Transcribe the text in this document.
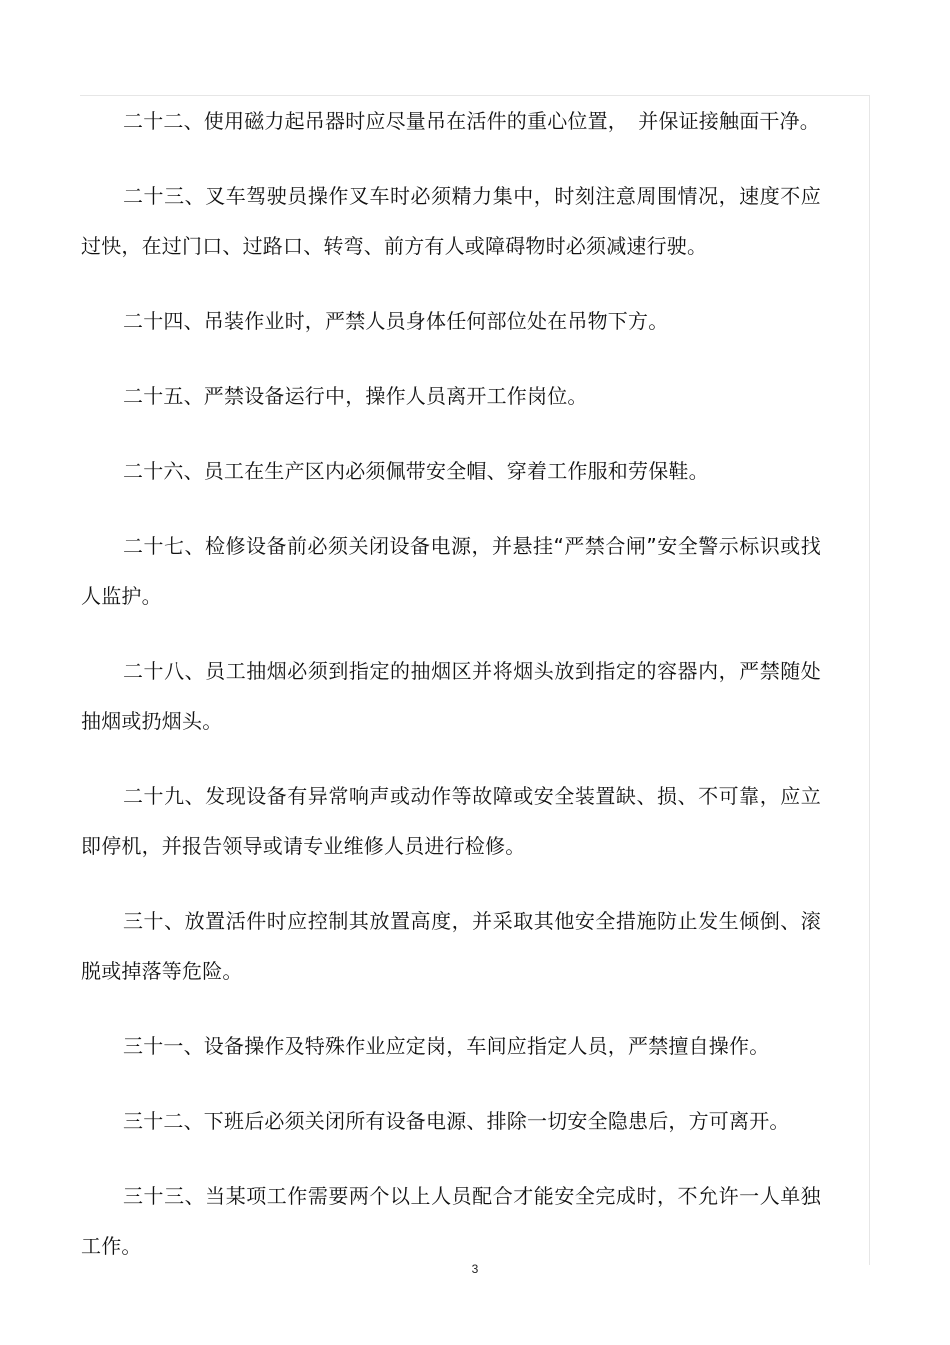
二十二、使用磁力起吊器时应尽量吊在活件的重心位置，　并保证接触面干净。

二十三、叉车驾驶员操作叉车时必须精力集中，时刻注意周围情况，速度不应过快，在过门口、过路口、转弯、前方有人或障碍物时必须减速行驶。

二十四、吊装作业时，严禁人员身体任何部位处在吊物下方。

二十五、严禁设备运行中，操作人员离开工作岗位。

二十六、员工在生产区内必须佩带安全帽、穿着工作服和劳保鞋。

二十七、检修设备前必须关闭设备电源，并悬挂“严禁合闸”安全警示标识或找人监护。

二十八、员工抽烟必须到指定的抽烟区并将烟头放到指定的容器内，严禁随处抽烟或扔烟头。

二十九、发现设备有异常响声或动作等故障或安全装置缺、损、不可靠，应立即停机，并报告领导或请专业维修人员进行检修。

三十、放置活件时应控制其放置高度，并采取其他安全措施防止发生倾倒、滚脱或掉落等危险。

三十一、设备操作及特殊作业应定岗，车间应指定人员，严禁擅自操作。

三十二、下班后必须关闭所有设备电源、排除一切安全隐患后，方可离开。

三十三、当某项工作需要两个以上人员配合才能安全完成时，不允许一人单独工作。

3
